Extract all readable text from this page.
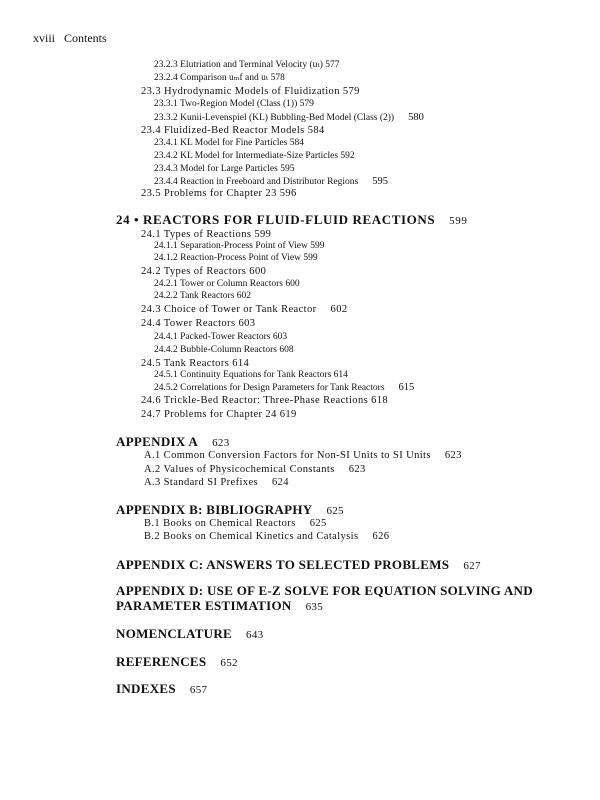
xviii Contents
23.2.3 Elutriation and Terminal Velocity (uₜ) 577
23.2.4 Comparison uₘf and uₜ 578
23.3 Hydrodynamic Models of Fluidization 579
23.3.1 Two-Region Model (Class (1)) 579
23.3.2 Kunii-Levenspiel (KL) Bubbling-Bed Model (Class (2)) 580
23.4 Fluidized-Bed Reactor Models 584
23.4.1 KL Model for Fine Particles 584
23.4.2 KL Model for Intermediate-Size Particles 592
23.4.3 Model for Large Particles 595
23.4.4 Reaction in Freeboard and Distributor Regions 595
23.5 Problems for Chapter 23 596
24 • REACTORS FOR FLUID-FLUID REACTIONS 599
24.1 Types of Reactions 599
24.1.1 Separation-Process Point of View 599
24.1.2 Reaction-Process Point of View 599
24.2 Types of Reactors 600
24.2.1 Tower or Column Reactors 600
24.2.2 Tank Reactors 602
24.3 Choice of Tower or Tank Reactor 602
24.4 Tower Reactors 603
24.4.1 Packed-Tower Reactors 603
24.4.2 Bubble-Column Reactors 608
24.5 Tank Reactors 614
24.5.1 Continuity Equations for Tank Reactors 614
24.5.2 Correlations for Design Parameters for Tank Reactors 615
24.6 Trickle-Bed Reactor: Three-Phase Reactions 618
24.7 Problems for Chapter 24 619
APPENDIX A 623
A.1 Common Conversion Factors for Non-SI Units to SI Units 623
A.2 Values of Physicochemical Constants 623
A.3 Standard SI Prefixes 624
APPENDIX B: BIBLIOGRAPHY 625
B.1 Books on Chemical Reactors 625
B.2 Books on Chemical Kinetics and Catalysis 626
APPENDIX C: ANSWERS TO SELECTED PROBLEMS 627
APPENDIX D: USE OF E-Z SOLVE FOR EQUATION SOLVING AND
PARAMETER ESTIMATION 635
NOMENCLATURE 643
REFERENCES 652
INDEXES 657
